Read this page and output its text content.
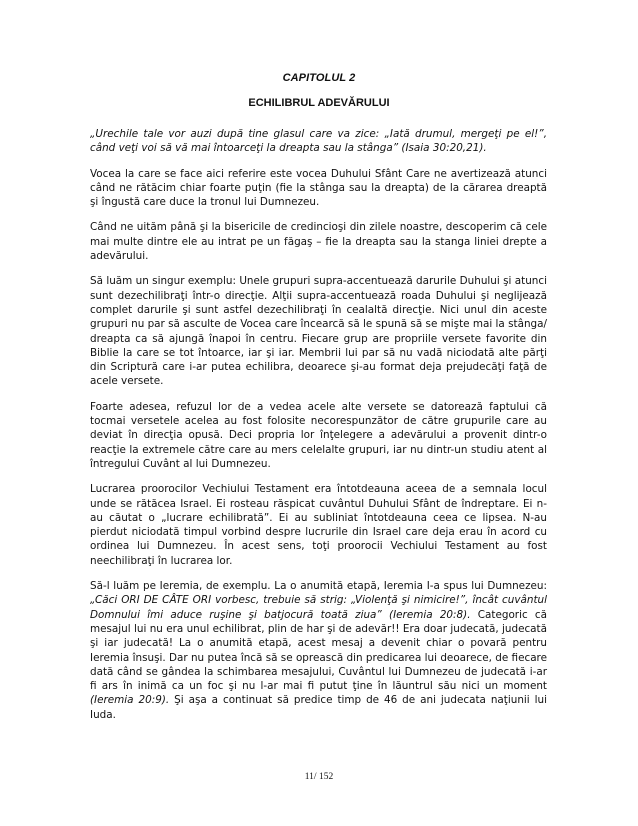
CAPITOLUL 2
ECHILIBRUL ADEVĂRULUI

„Urechile tale vor auzi după tine glasul care va zice: „Iată drumul, mergeţi pe el!”, când veţi voi să vă mai întoarceţi la dreapta sau la stânga” (Isaia 30:20,21).

Vocea la care se face aici referire este vocea Duhului Sfânt Care ne avertizează atunci când ne rătăcim chiar foarte puţin (fie la stânga sau la dreapta) de la cărarea dreaptă şi îngustă care duce la tronul lui Dumnezeu.

Când ne uităm până şi la bisericile de credincioşi din zilele noastre, descoperim că cele mai multe dintre ele au intrat pe un făgaş – fie la dreapta sau la stanga liniei drepte a adevărului.

Să luăm un singur exemplu: Unele grupuri supra-accentuează darurile Duhului şi atunci sunt dezechilibraţi într-o direcţie. Alţii supra-accentuează roada Duhului şi neglijează complet darurile şi sunt astfel dezechilibraţi în cealaltă direcţie. Nici unul din aceste grupuri nu par să asculte de Vocea care încearcă să le spună să se mişte mai la stânga/ dreapta ca să ajungă înapoi în centru. Fiecare grup are propriile versete favorite din Biblie la care se tot întoarce, iar şi iar. Membrii lui par să nu vadă niciodată alte părţi din Scriptură care i-ar putea echilibra, deoarece şi-au format deja prejudecăţi faţă de acele versete.

Foarte adesea, refuzul lor de a vedea acele alte versete se datorează faptului că tocmai versetele acelea au fost folosite necorespunzător de către grupurile care au deviat în direcţia opusă. Deci propria lor înţelegere a adevărului a provenit dintr-o reacţie la extremele către care au mers celelalte grupuri, iar nu dintr-un studiu atent al întregului Cuvânt al lui Dumnezeu.

Lucrarea proorocilor Vechiului Testament era întotdeauna aceea de a semnala locul unde se rătăcea Israel. Ei rosteau răspicat cuvântul Duhului Sfânt de îndreptare. Ei n-au căutat o „lucrare echilibrată”. Ei au subliniat întotdeauna ceea ce lipsea. N-au pierdut niciodată timpul vorbind despre lucrurile din Israel care deja erau în acord cu ordinea lui Dumnezeu. În acest sens, toţi proorocii Vechiului Testament au fost neechilibraţi în lucrarea lor.

Să-l luăm pe Ieremia, de exemplu. La o anumită etapă, Ieremia I-a spus lui Dumnezeu: „Căci ORI DE CÂTE ORI vorbesc, trebuie să strig: „Violenţă şi nimicire!”, încât cuvântul Domnului îmi aduce ruşine şi batjocură toată ziua” (Ieremia 20:8). Categoric că mesajul lui nu era unul echilibrat, plin de har şi de adevăr!! Era doar judecată, judecată şi iar judecată! La o anumită etapă, acest mesaj a devenit chiar o povară pentru Ieremia însuşi. Dar nu putea încă să se oprească din predicarea lui deoarece, de fiecare dată când se gândea la schimbarea mesajului, Cuvântul lui Dumnezeu de judecată i-ar fi ars în inimă ca un foc şi nu l-ar mai fi putut ţine în lăuntrul său nici un moment (Ieremia 20:9). Şi aşa a continuat să predice timp de 46 de ani judecata naţiunii lui Iuda.

11/ 152
